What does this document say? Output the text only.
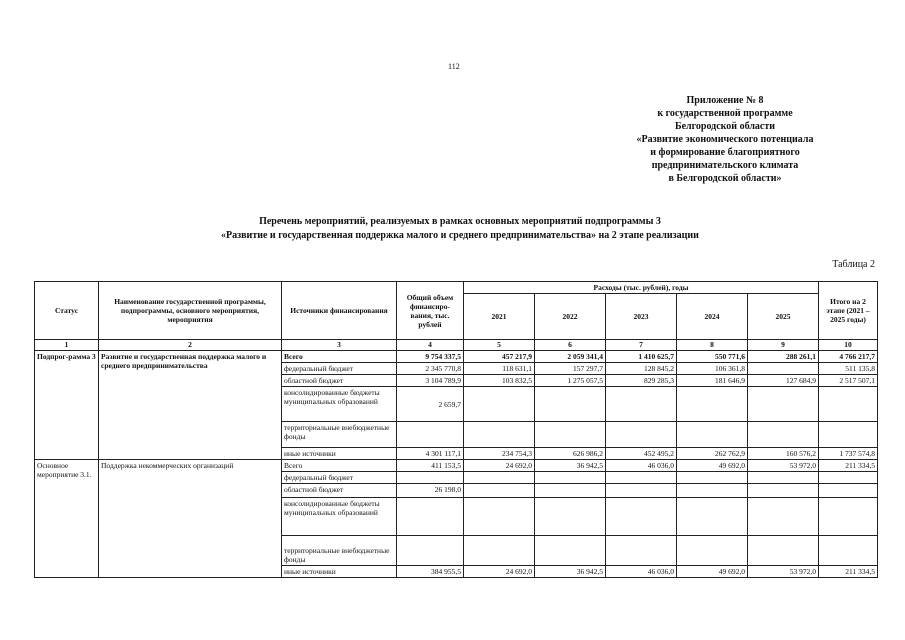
112
Приложение № 8
к государственной программе
Белгородской области
«Развитие экономического потенциала
и формирование благоприятного
предпринимательского климата
в Белгородской области»
Перечень мероприятий, реализуемых в рамках основных мероприятий подпрограммы 3
«Развитие и государственная поддержка малого и среднего предпринимательства» на 2 этапе реализации
Таблица 2
Статус	Наименование государственной программы, подпрограммы, основного мероприятия, мероприятия	Источники финансирования	Общий объем финансиро-вания, тыс. рублей	Расходы (тыс. рублей), годы					Итого на 2 этапе (2021 – 2025 годы)
				2021	2022	2023	2024	2025	
1	2	3	4	5	6	7	8	9	10
Подпрог-рамма 3	Развитие и государственная поддержка малого и среднего предпринимательства	Всего	9 754 337,5	457 217,9	2 059 341,4	1 410 625,7	550 771,6	288 261,1	4 766 217,7
		федеральный бюджет	2 345 770,8	118 631,1	157 297,7	128 845,2	106 361,8		511 135,8
		областной бюджет	3 104 789,9	103 832,5	1 275 057,5	829 285,3	181 646,9	127 684,9	2 517 507,1
		консолидированные бюджеты муниципальных образований	2 659,7						
		территориальные внебюджетные фонды							
		иные источники	4 301 117,1	234 754,3	626 986,2	452 495,2	262 762,9	160 576,2	1 737 574,8
Основное мероприятие 3.1.	Поддержка некоммерческих организаций	Всего	411 153,5	24 692,0	36 942,5	46 036,0	49 692,0	53 972,0	211 334,5
		федеральный бюджет							
		областной бюджет	26 198,0						
		консолидированные бюджеты муниципальных образований							
		территориальные внебюджетные фонды							
		иные источники	384 955,5	24 692,0	36 942,5	46 036,0	49 692,0	53 972,0	211 334,5
